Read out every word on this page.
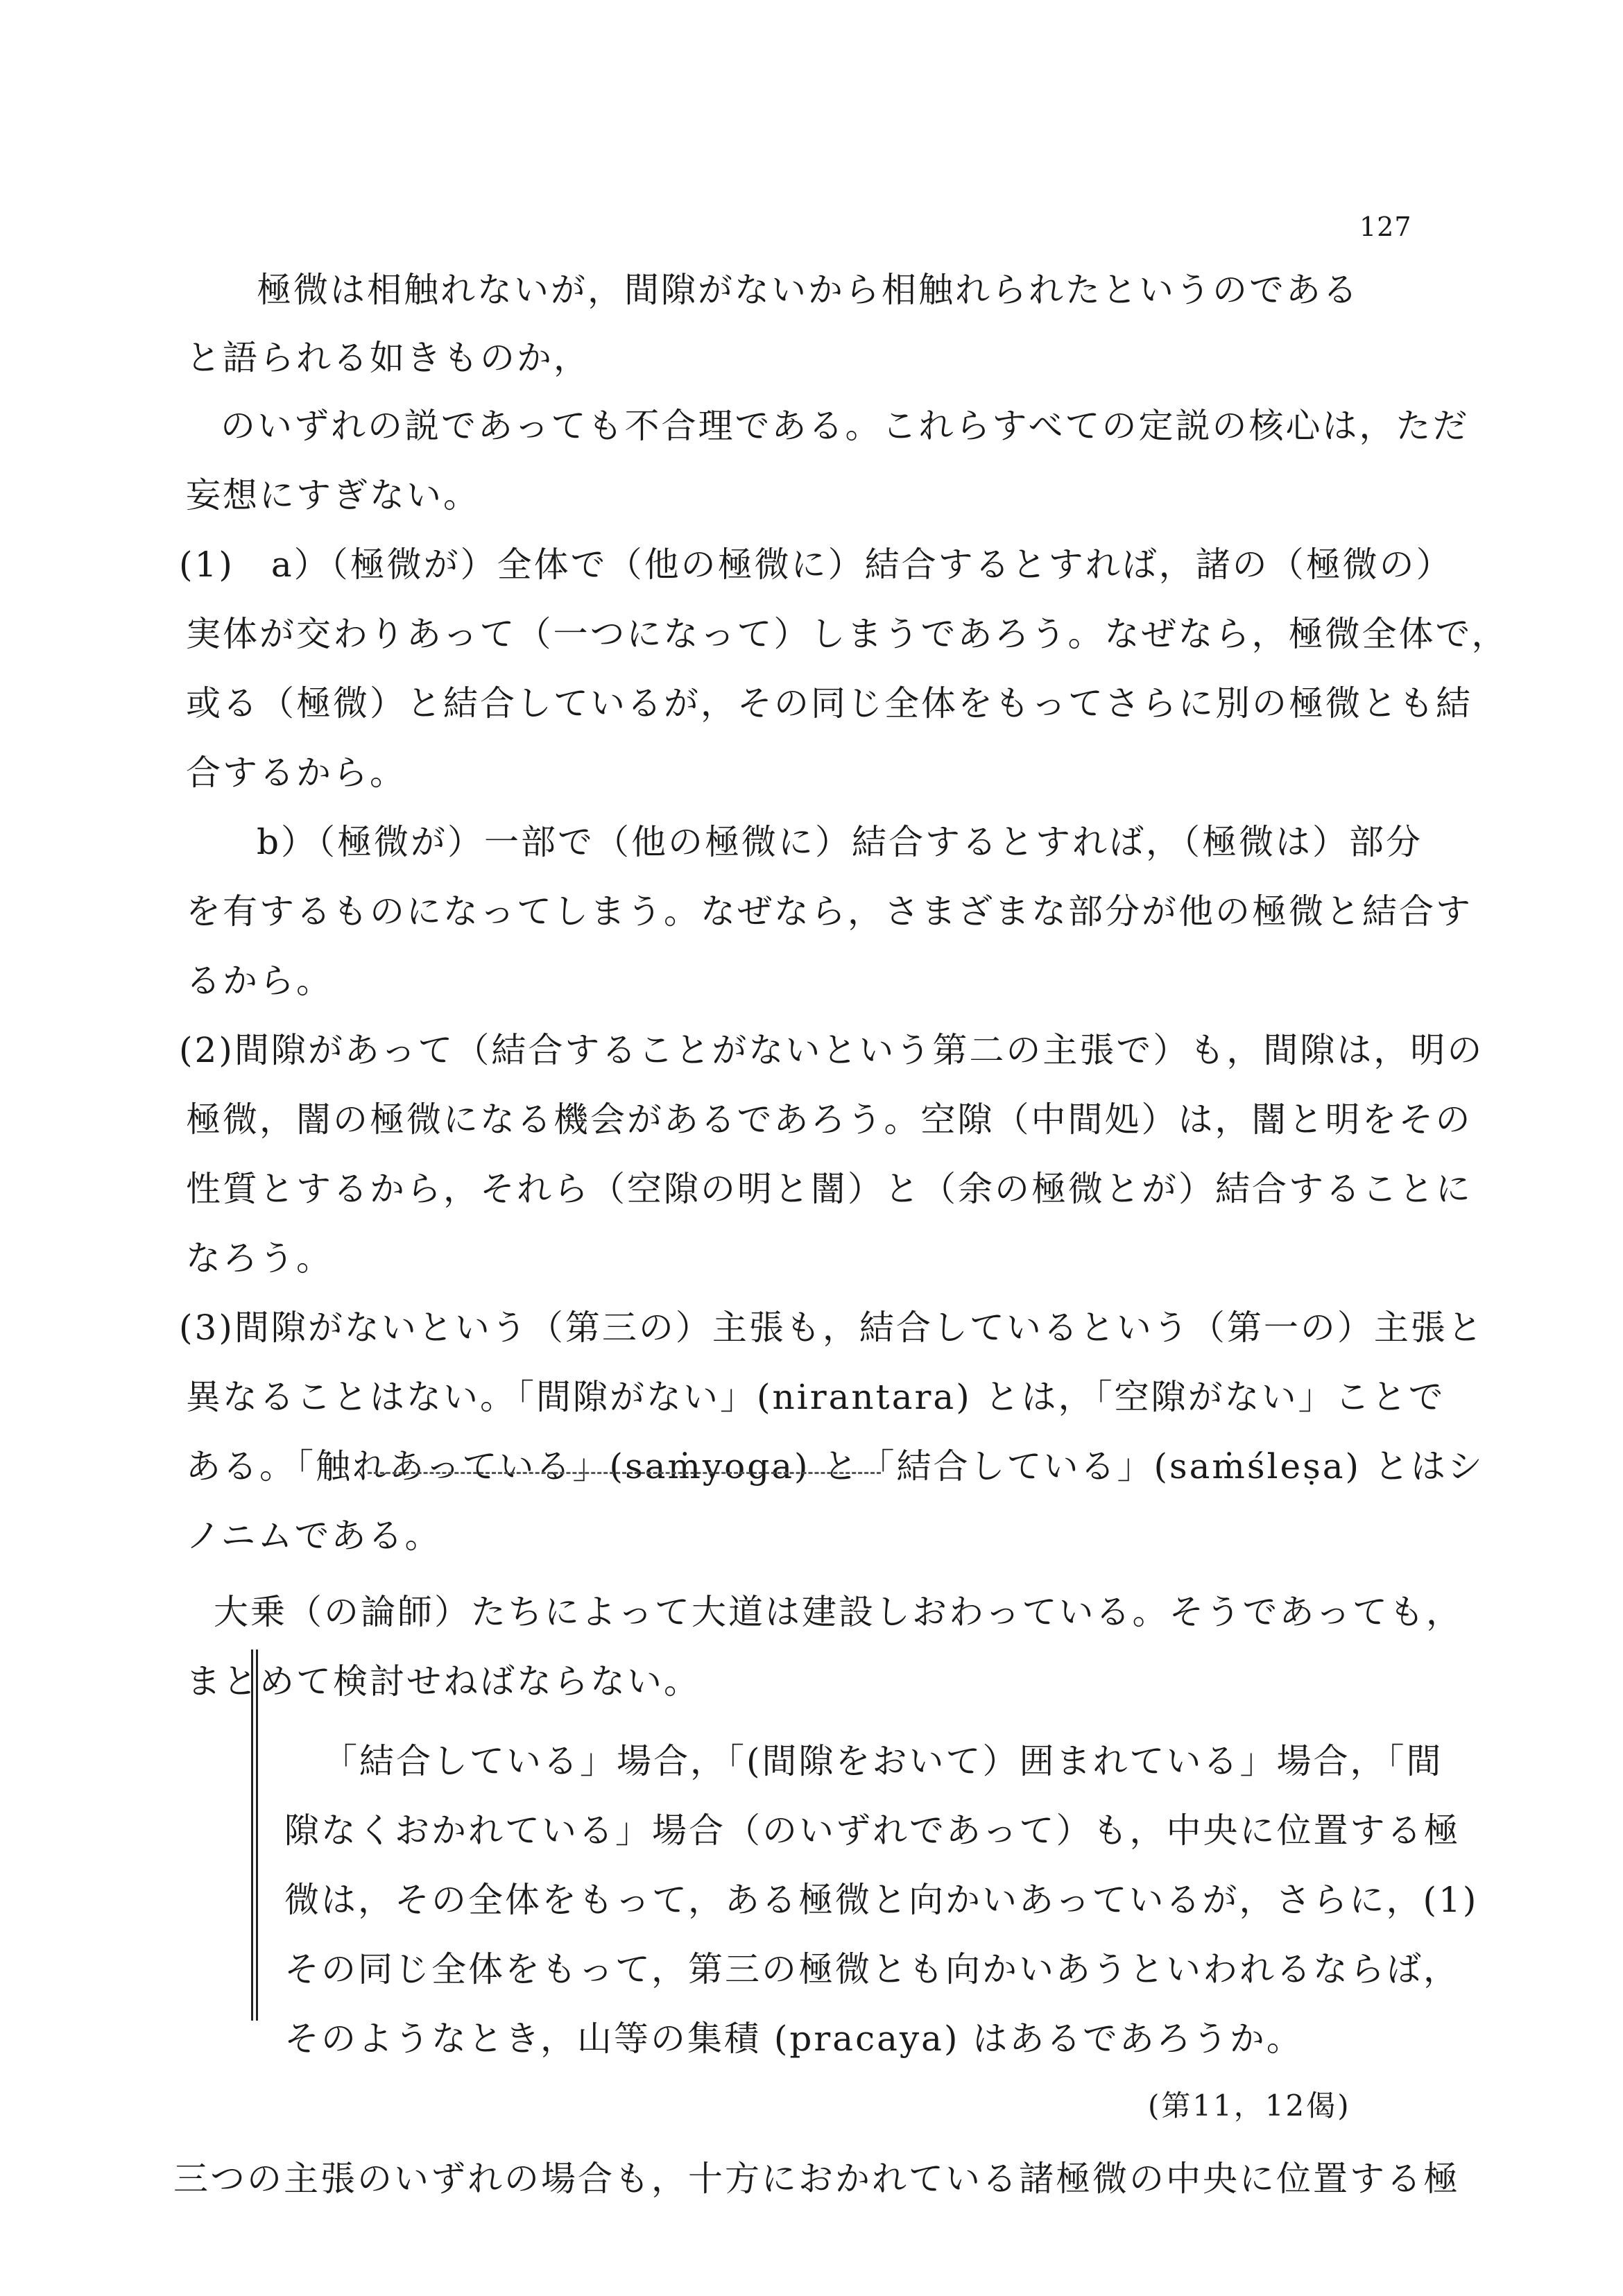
127
極微は相触れないが，間隙がないから相触れられたというのである
と語られる如きものか，
のいずれの説であっても不合理である。これらすべての定説の核心は，ただ
妄想にすぎない。
(1)　a）（極微が）全体で（他の極微に）結合するとすれば，諸の（極微の）
実体が交わりあって（一つになって）しまうであろう。なぜなら，極微全体で，
或る（極微）と結合しているが，その同じ全体をもってさらに別の極微とも結
合するから。
b）（極微が）一部で（他の極微に）結合するとすれば，（極微は）部分
を有するものになってしまう。なぜなら，さまざまな部分が他の極微と結合す
るから。
(2)間隙があって（結合することがないという第二の主張で）も，間隙は，明の
極微，闇の極微になる機会があるであろう。空隙（中間処）は，闇と明をその
性質とするから，それら（空隙の明と闇）と（余の極微とが）結合することに
なろう。
(3)間隙がないという（第三の）主張も，結合しているという（第一の）主張と
異なることはない。「間隙がない」(nirantara) とは，「空隙がない」ことで
ある。「触れあっている」(saṁyoga) と「結合している」(saṁśleṣa) とはシ
ノニムである。
大乗（の論師）たちによって大道は建設しおわっている。そうであっても，
まとめて検討せねばならない。
「結合している」場合，「(間隙をおいて）囲まれている」場合，「間
隙なくおかれている」場合（のいずれであって）も，中央に位置する極
微は，その全体をもって，ある極微と向かいあっているが，さらに，(1)
その同じ全体をもって，第三の極微とも向かいあうといわれるならば，
そのようなとき，山等の集積 (pracaya) はあるであろうか。
(第11，12偈)
三つの主張のいずれの場合も，十方におかれている諸極微の中央に位置する極
